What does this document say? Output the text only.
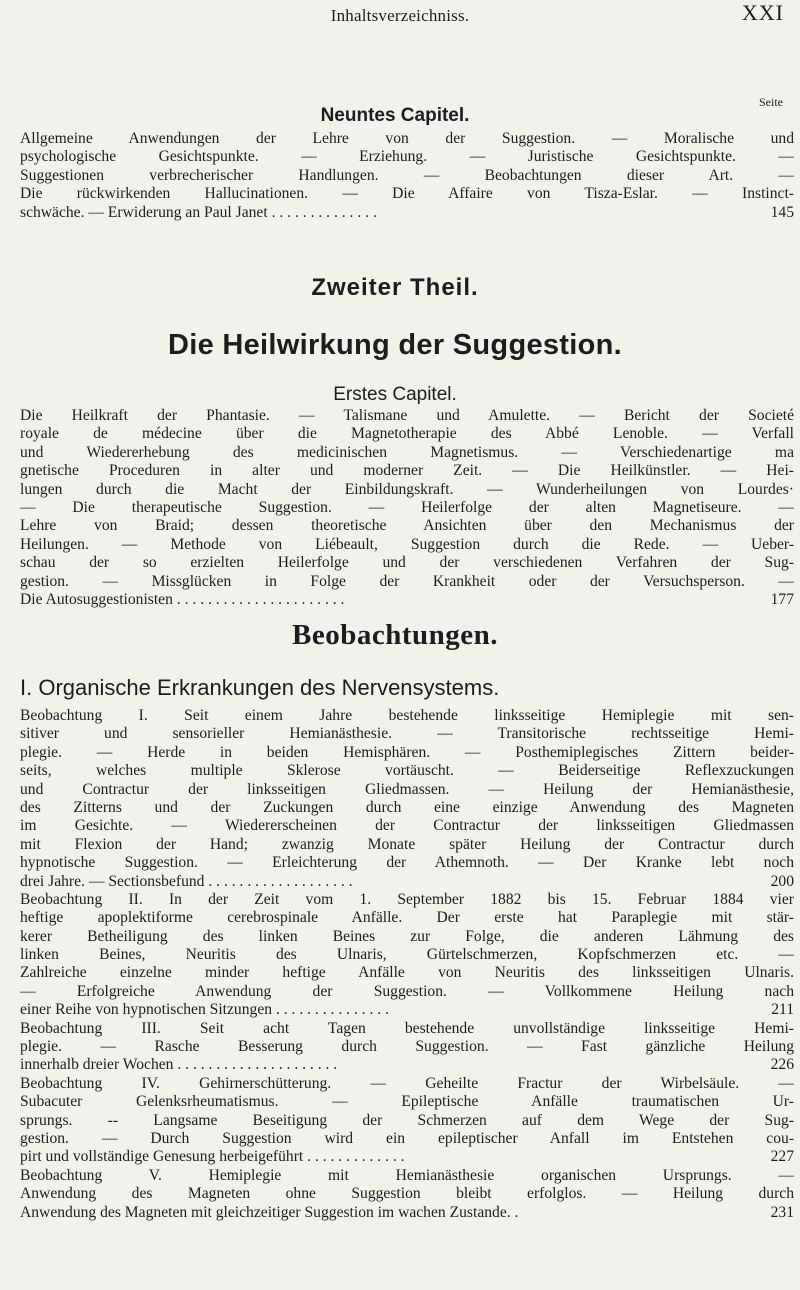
Inhaltsverzeichniss.	XXI
Seite
Neuntes Capitel.
Allgemeine Anwendungen der Lehre von der Suggestion. — Moralische und
psychologische Gesichtspunkte. — Erziehung. — Juristische Gesichtspunkte. —
Suggestionen verbrecherischer Handlungen. — Beobachtungen dieser Art. —
Die rückwirkenden Hallucinationen. — Die Affaire von Tisza-Eslar. — Instinct-
schwäche. — Erwiderung an Paul Janet . . . . . . . . . . . . . .	145
Zweiter Theil.
Die Heilwirkung der Suggestion.
Erstes Capitel.
Die Heilkraft der Phantasie. — Talismane und Amulette. — Bericht der Societé
royale de médecine über die Magnetotherapie des Abbé Lenoble. — Verfall
und Wiedererhebung des medicinischen Magnetismus. — Verschiedenartige ma
gnetische Proceduren in alter und moderner Zeit. — Die Heilkünstler. — Hei-
lungen durch die Macht der Einbildungskraft. — Wunderheilungen von Lourdes·
— Die therapeutische Suggestion. — Heilerfolge der alten Magnetiseure. —
Lehre von Braid; dessen theoretische Ansichten über den Mechanismus der
Heilungen. — Methode von Liébeault, Suggestion durch die Rede. — Ueber-
schau der so erzielten Heilerfolge und der verschiedenen Verfahren der Sug-
gestion. — Missglücken in Folge der Krankheit oder der Versuchsperson. —
Die Autosuggestionisten . . . . . . . . . . . . . . . . . . . . . .	177
Beobachtungen.
I. Organische Erkrankungen des Nervensystems.
Beobachtung I. Seit einem Jahre bestehende linksseitige Hemiplegie mit sen-
sitiver und sensorieller Hemianästhesie. — Transitorische rechtsseitige Hemi-
plegie. — Herde in beiden Hemisphären. — Posthemiplegisches Zittern beider-
seits, welches multiple Sklerose vortäuscht. — Beiderseitige Reflexzuckungen
und Contractur der linksseitigen Gliedmassen. — Heilung der Hemianästhesie,
des Zitterns und der Zuckungen durch eine einzige Anwendung des Magneten
im Gesichte. — Wiedererscheinen der Contractur der linksseitigen Gliedmassen
mit Flexion der Hand; zwanzig Monate später Heilung der Contractur durch
hypnotische Suggestion. — Erleichterung der Athemnoth. — Der Kranke lebt noch
drei Jahre. — Sectionsbefund . . . . . . . . . . . . . . . . . . .	200
Beobachtung II. In der Zeit vom 1. September 1882 bis 15. Februar 1884 vier
heftige apoplektiforme cerebrospinale Anfälle. Der erste hat Paraplegie mit stär-
kerer Betheiligung des linken Beines zur Folge, die anderen Lähmung des
linken Beines, Neuritis des Ulnaris, Gürtelschmerzen, Kopfschmerzen etc. —
Zahlreiche einzelne minder heftige Anfälle von Neuritis des linksseitigen Ulnaris.
— Erfolgreiche Anwendung der Suggestion. — Vollkommene Heilung nach
einer Reihe von hypnotischen Sitzungen . . . . . . . . . . . . . . .	211
Beobachtung III. Seit acht Tagen bestehende unvollständige linksseitige Hemi-
plegie. — Rasche Besserung durch Suggestion. — Fast gänzliche Heilung
innerhalb dreier Wochen . . . . . . . . . . . . . . . . . . . . .	226
Beobachtung IV. Gehirnerschütterung. — Geheilte Fractur der Wirbelsäule. —
Subacuter Gelenksrheumatismus. — Epileptische Anfälle traumatischen Ur-
sprungs. -- Langsame Beseitigung der Schmerzen auf dem Wege der Sug-
gestion. — Durch Suggestion wird ein epileptischer Anfall im Entstehen cou-
pirt und vollständige Genesung herbeigeführt . . . . . . . . . . . . .	227
Beobachtung V. Hemiplegie mit Hemianästhesie organischen Ursprungs. —
Anwendung des Magneten ohne Suggestion bleibt erfolglos. — Heilung durch
Anwendung des Magneten mit gleichzeitiger Suggestion im wachen Zustande. .	231
